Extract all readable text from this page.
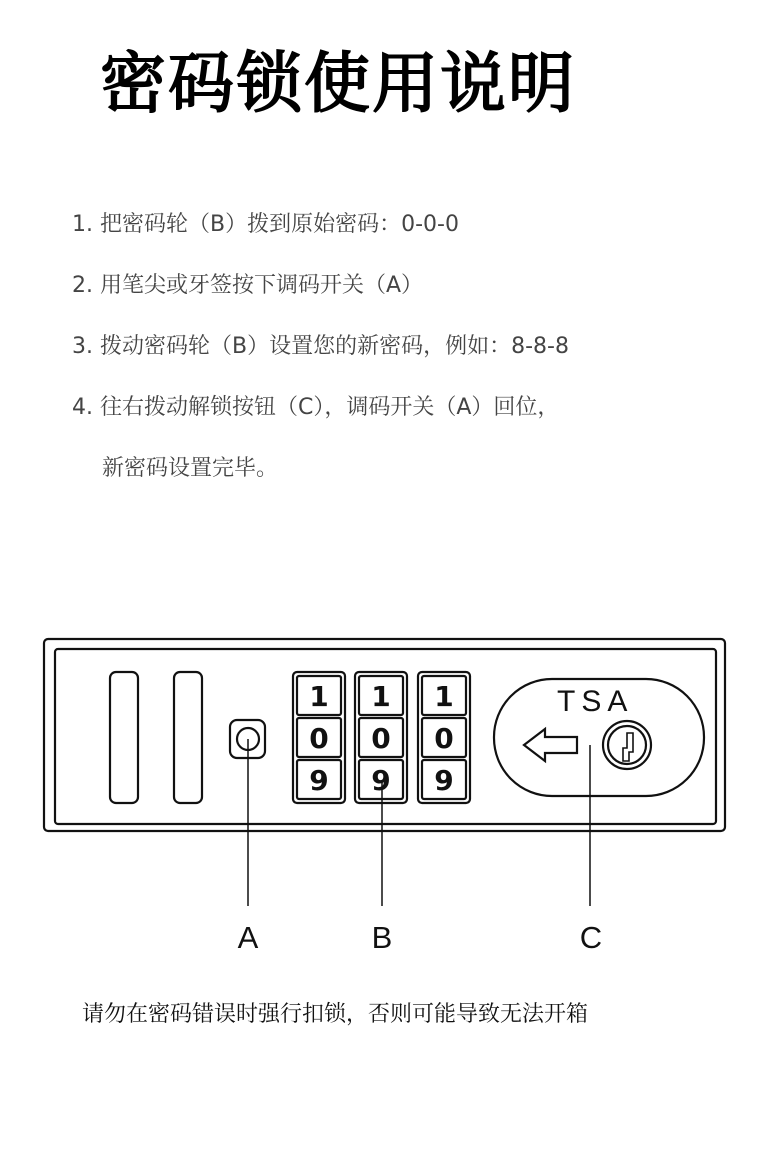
密码锁使用说明
1. 把密码轮（B）拨到原始密码：0-0-0
2. 用笔尖或牙签按下调码开关（A）
3. 拨动密码轮（B）设置您的新密码，例如：8-8-8
4. 往右拨动解锁按钮（C），调码开关（A）回位，
新密码设置完毕。
1
0
9
1
0
9
1
0
9
TSA
A	B	C
请勿在密码错误时强行扣锁，否则可能导致无法开箱
